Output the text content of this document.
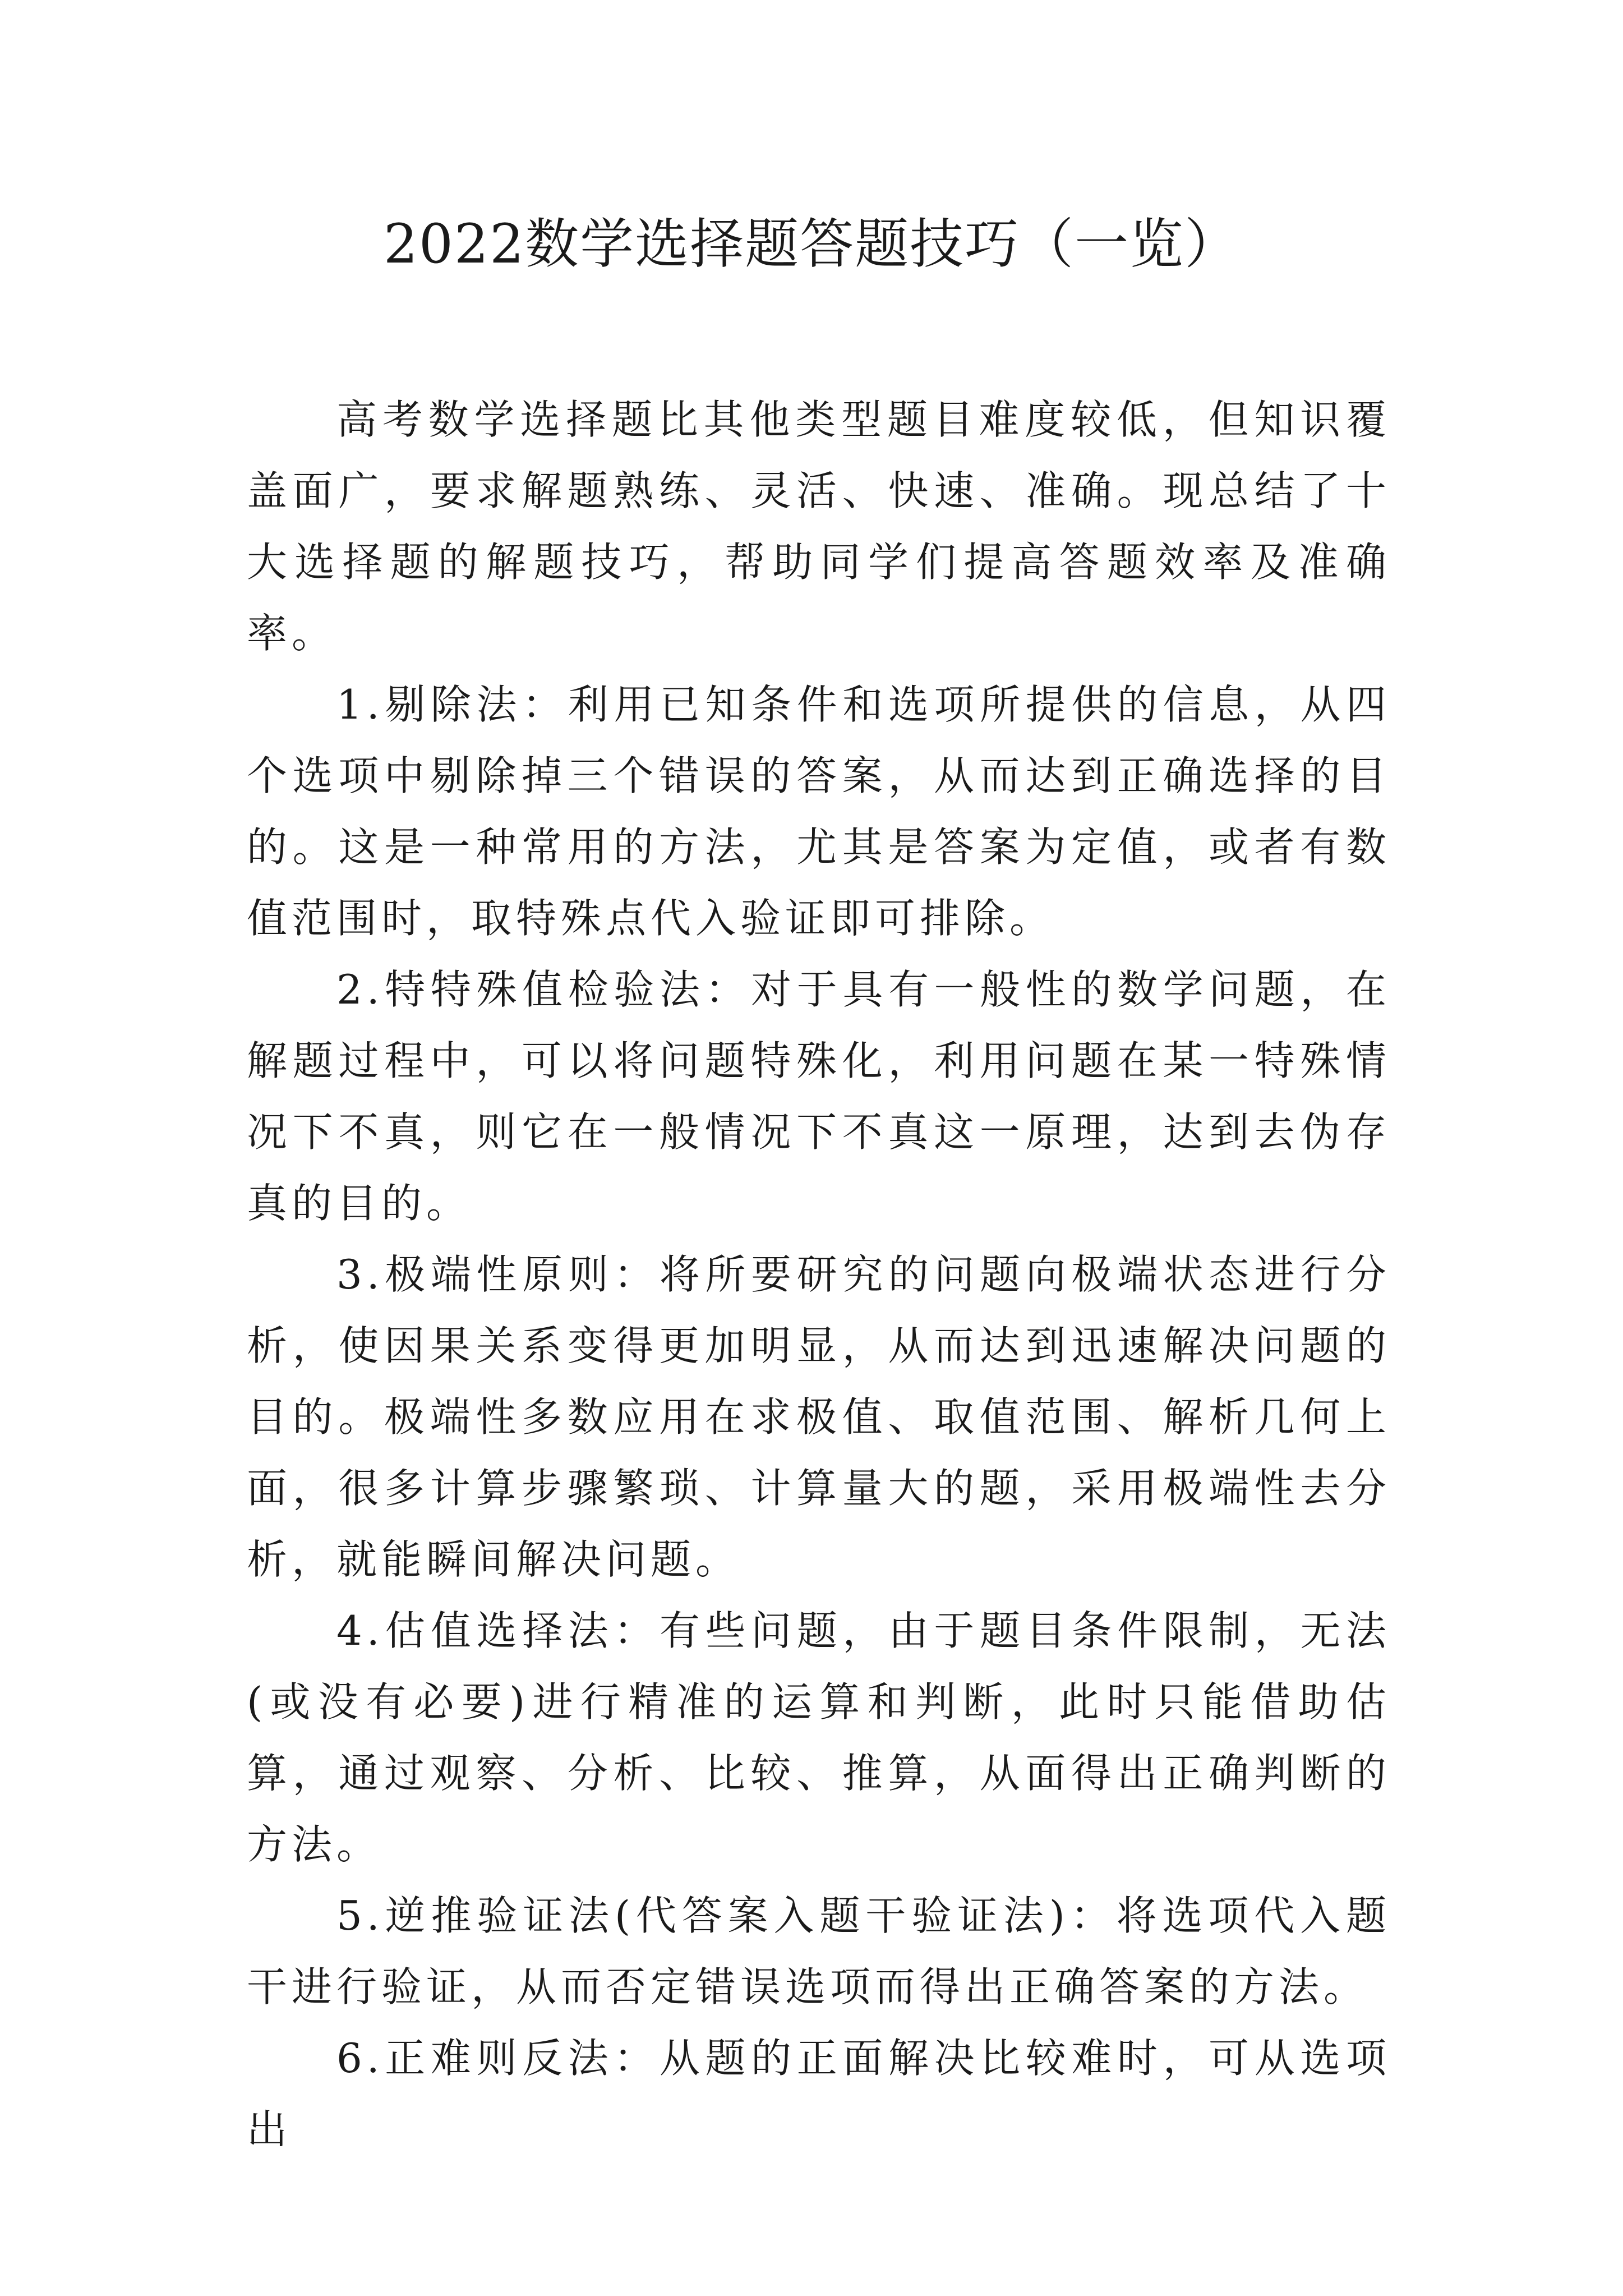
2022数学选择题答题技巧（一览）

高考数学选择题比其他类型题目难度较低，但知识覆盖面广，要求解题熟练、灵活、快速、准确。现总结了十大选择题的解题技巧，帮助同学们提高答题效率及准确率。

1.剔除法：利用已知条件和选项所提供的信息，从四个选项中剔除掉三个错误的答案，从而达到正确选择的目的。这是一种常用的方法，尤其是答案为定值，或者有数值范围时，取特殊点代入验证即可排除。

2.特特殊值检验法：对于具有一般性的数学问题，在解题过程中，可以将问题特殊化，利用问题在某一特殊情况下不真，则它在一般情况下不真这一原理，达到去伪存真的目的。

3.极端性原则：将所要研究的问题向极端状态进行分析，使因果关系变得更加明显，从而达到迅速解决问题的目的。极端性多数应用在求极值、取值范围、解析几何上面，很多计算步骤繁琐、计算量大的题，采用极端性去分析，就能瞬间解决问题。

4.估值选择法：有些问题，由于题目条件限制，无法(或没有必要)进行精准的运算和判断，此时只能借助估算，通过观察、分析、比较、推算，从面得出正确判断的方法。

5.逆推验证法(代答案入题干验证法)：将选项代入题干进行验证，从而否定错误选项而得出正确答案的方法。

6.正难则反法：从题的正面解决比较难时，可从选项出
